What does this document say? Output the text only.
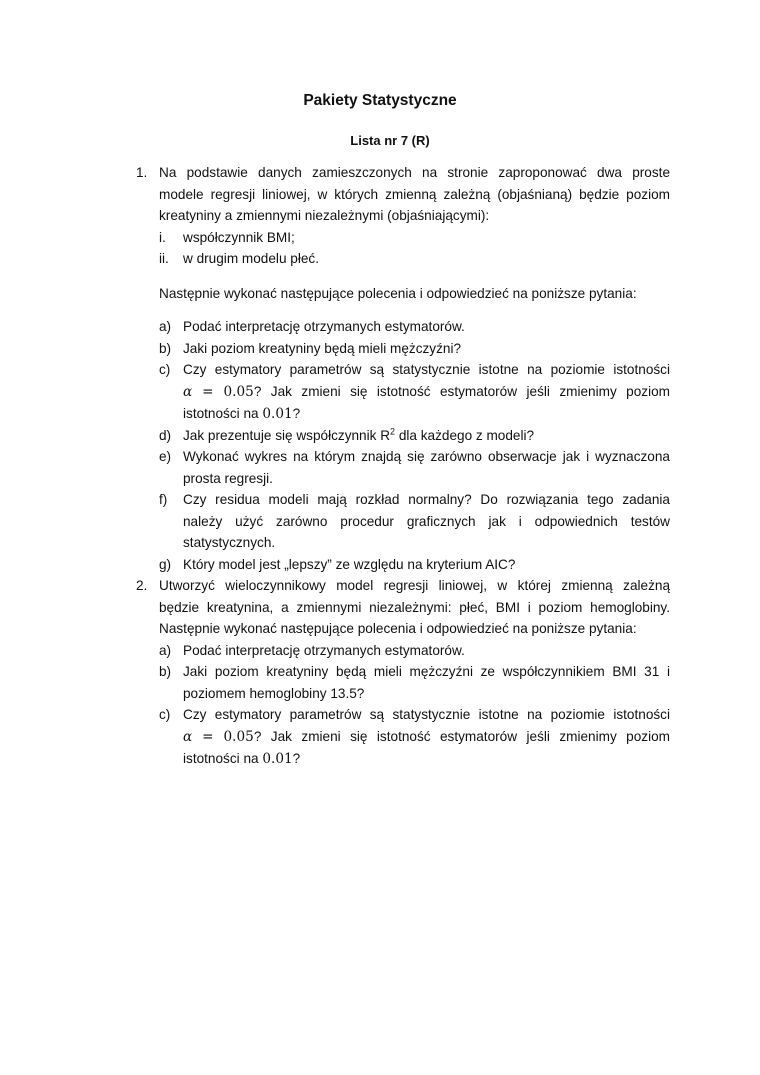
Pakiety Statystyczne
Lista nr 7 (R)
1. Na podstawie danych zamieszczonych na stronie zaproponować dwa proste
modele regresji liniowej, w których zmienną zależną (objaśnianą) będzie poziom
kreatyniny a zmiennymi niezależnymi (objaśniającymi):
i. współczynnik BMI;
ii. w drugim modelu płeć.
Następnie wykonać następujące polecenia i odpowiedzieć na poniższe pytania:
a) Podać interpretację otrzymanych estymatorów.
b) Jaki poziom kreatyniny będą mieli mężczyźni?
c) Czy estymatory parametrów są statystycznie istotne na poziomie istotności
α = 0.05? Jak zmieni się istotność estymatorów jeśli zmienimy poziom
istotności na 0.01?
d) Jak prezentuje się współczynnik $R^2$ dla każdego z modeli?
e) Wykonać wykres na którym znajdą się zarówno obserwacje jak i wyznaczona
prosta regresji.
f) Czy residua modeli mają rozkład normalny? Do rozwiązania tego zadania
należy użyć zarówno procedur graficznych jak i odpowiednich testów
statystycznych.
g) Który model jest „lepszy” ze względu na kryterium AIC?
2. Utworzyć wieloczynnikowy model regresji liniowej, w której zmienną zależną
będzie kreatynina, a zmiennymi niezależnymi: płeć, BMI i poziom hemoglobiny.
Następnie wykonać następujące polecenia i odpowiedzieć na poniższe pytania:
a) Podać interpretację otrzymanych estymatorów.
b) Jaki poziom kreatyniny będą mieli mężczyźni ze współczynnikiem BMI 31 i
poziomem hemoglobiny 13.5?
c) Czy estymatory parametrów są statystycznie istotne na poziomie istotności
α = 0.05? Jak zmieni się istotność estymatorów jeśli zmienimy poziom
istotności na 0.01?
